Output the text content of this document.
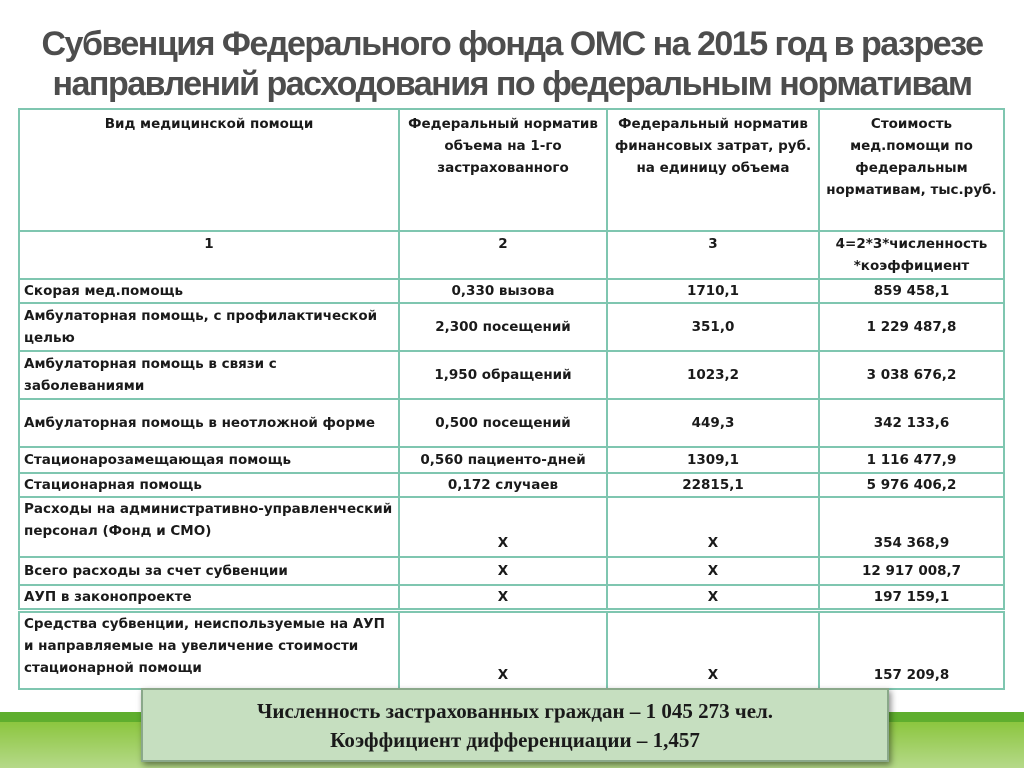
Субвенция Федерального фонда ОМС на 2015 год в разрезе
направлений расходования по федеральным нормативам
Вид медицинской помощи	Федеральный норматив объема на 1-го застрахованного	Федеральный норматив финансовых затрат, руб. на единицу объема	Стоимость мед.помощи по федеральным нормативам, тыс.руб.
1	2	3	4=2*3*численность *коэффициент
Скорая мед.помощь	0,330 вызова	1710,1	859 458,1
Амбулаторная помощь, с профилактической целью	2,300 посещений	351,0	1 229 487,8
Амбулаторная помощь в связи с заболеваниями	1,950 обращений	1023,2	3 038 676,2
Амбулаторная помощь в неотложной форме	0,500 посещений	449,3	342 133,6
Стационарозамещающая помощь	0,560 пациенто-дней	1309,1	1 116 477,9
Стационарная помощь	0,172 случаев	22815,1	5 976 406,2
Расходы на административно-управленческий персонал (Фонд и СМО)	Х	Х	354 368,9
Всего расходы за счет субвенции	Х	Х	12 917 008,7
АУП в законопроекте	Х	Х	197 159,1
Средства субвенции, неиспользуемые на АУП и направляемые на увеличение стоимости стационарной помощи	Х	Х	157 209,8
Численность застрахованных граждан – 1 045 273 чел.
Коэффициент дифференциации – 1,457
